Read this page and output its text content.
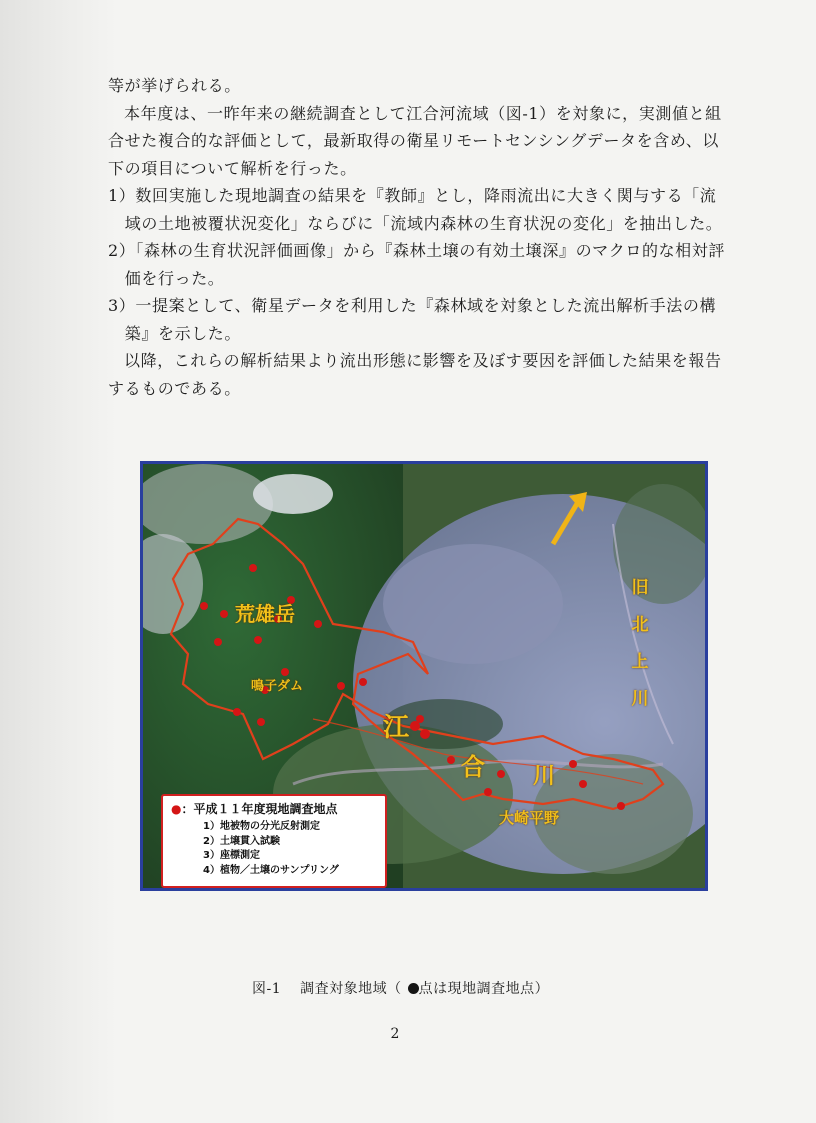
等が挙げられる。

本年度は、一昨年来の継続調査として江合河流域（図-1）を対象に，実測値と組合せた複合的な評価として，最新取得の衛星リモートセンシングデータを含め、以下の項目について解析を行った。

1）数回実施した現地調査の結果を『教師』とし，降雨流出に大きく関与する「流域の土地被覆状況変化」ならびに「流域内森林の生育状況の変化」を抽出した。

2）「森林の生育状況評価画像」から『森林土壌の有効土壌深』のマクロ的な相対評価を行った。

3）一提案として、衛星データを利用した『森林域を対象とした流出解析手法の構築』を示した。

以降，これらの解析結果より流出形態に影響を及ぼす要因を評価した結果を報告するものである。

荒雄岳
鳴子ダム
江
合 川
大崎平野
旧
北
上
川
●：平成１１年度現地調査地点
1）地被物の分光反射測定
2）土壌貫入試験
3）座標測定
4）植物／土壌のサンプリング
図-1 調査対象地域（ 点は現地調査地点）
2
